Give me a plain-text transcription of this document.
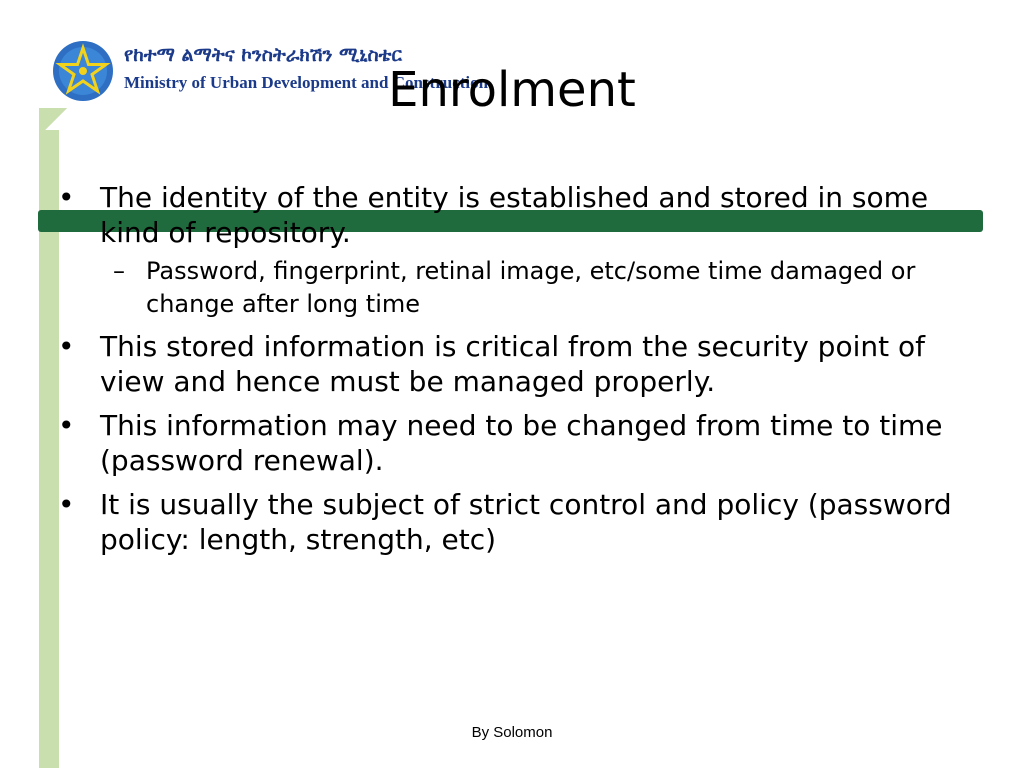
የከተማ ልማትና ኮንስትራክሽን ሚኒስቴር
Ministry of Urban Development and Construction
Enrolment
• The identity of the entity is established and stored in some kind of repository.
– Password, fingerprint, retinal image, etc/some time damaged or change after long time
• This stored information is critical from the security point of view and hence must be managed properly.
• This information may need to be changed from time to time (password renewal).
• It is usually the subject of strict control and policy (password policy: length, strength, etc)
By Solomon
